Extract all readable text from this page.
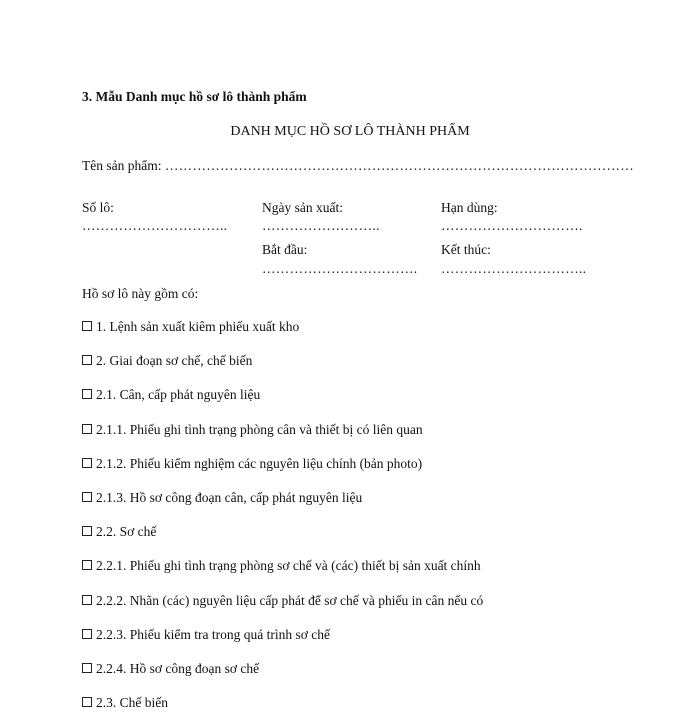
3. Mẫu Danh mục hồ sơ lô thành phẩm
DANH MỤC HỒ SƠ LÔ THÀNH PHẨM
Tên sản phẩm: …………………………………………………………………………………………
Số lô:
…………………………..
Ngày sản xuất:
……………………..
Hạn dùng:
………………………….
Bắt đầu:
…………………………….
Kết thúc:
…………………………..
Hồ sơ lô này gồm có:
1. Lệnh sản xuất kiêm phiếu xuất kho
2. Giai đoạn sơ chế, chế biến
2.1. Cân, cấp phát nguyên liệu
2.1.1. Phiếu ghi tình trạng phòng cân và thiết bị có liên quan
2.1.2. Phiếu kiểm nghiệm các nguyên liệu chính (bản photo)
2.1.3. Hồ sơ công đoạn cân, cấp phát nguyên liệu
2.2. Sơ chế
2.2.1. Phiếu ghi tình trạng phòng sơ chế và (các) thiết bị sản xuất chính
2.2.2. Nhãn (các) nguyên liệu cấp phát để sơ chế và phiếu in cân nếu có
2.2.3. Phiếu kiểm tra trong quá trình sơ chế
2.2.4. Hồ sơ công đoạn sơ chế
2.3. Chế biến
